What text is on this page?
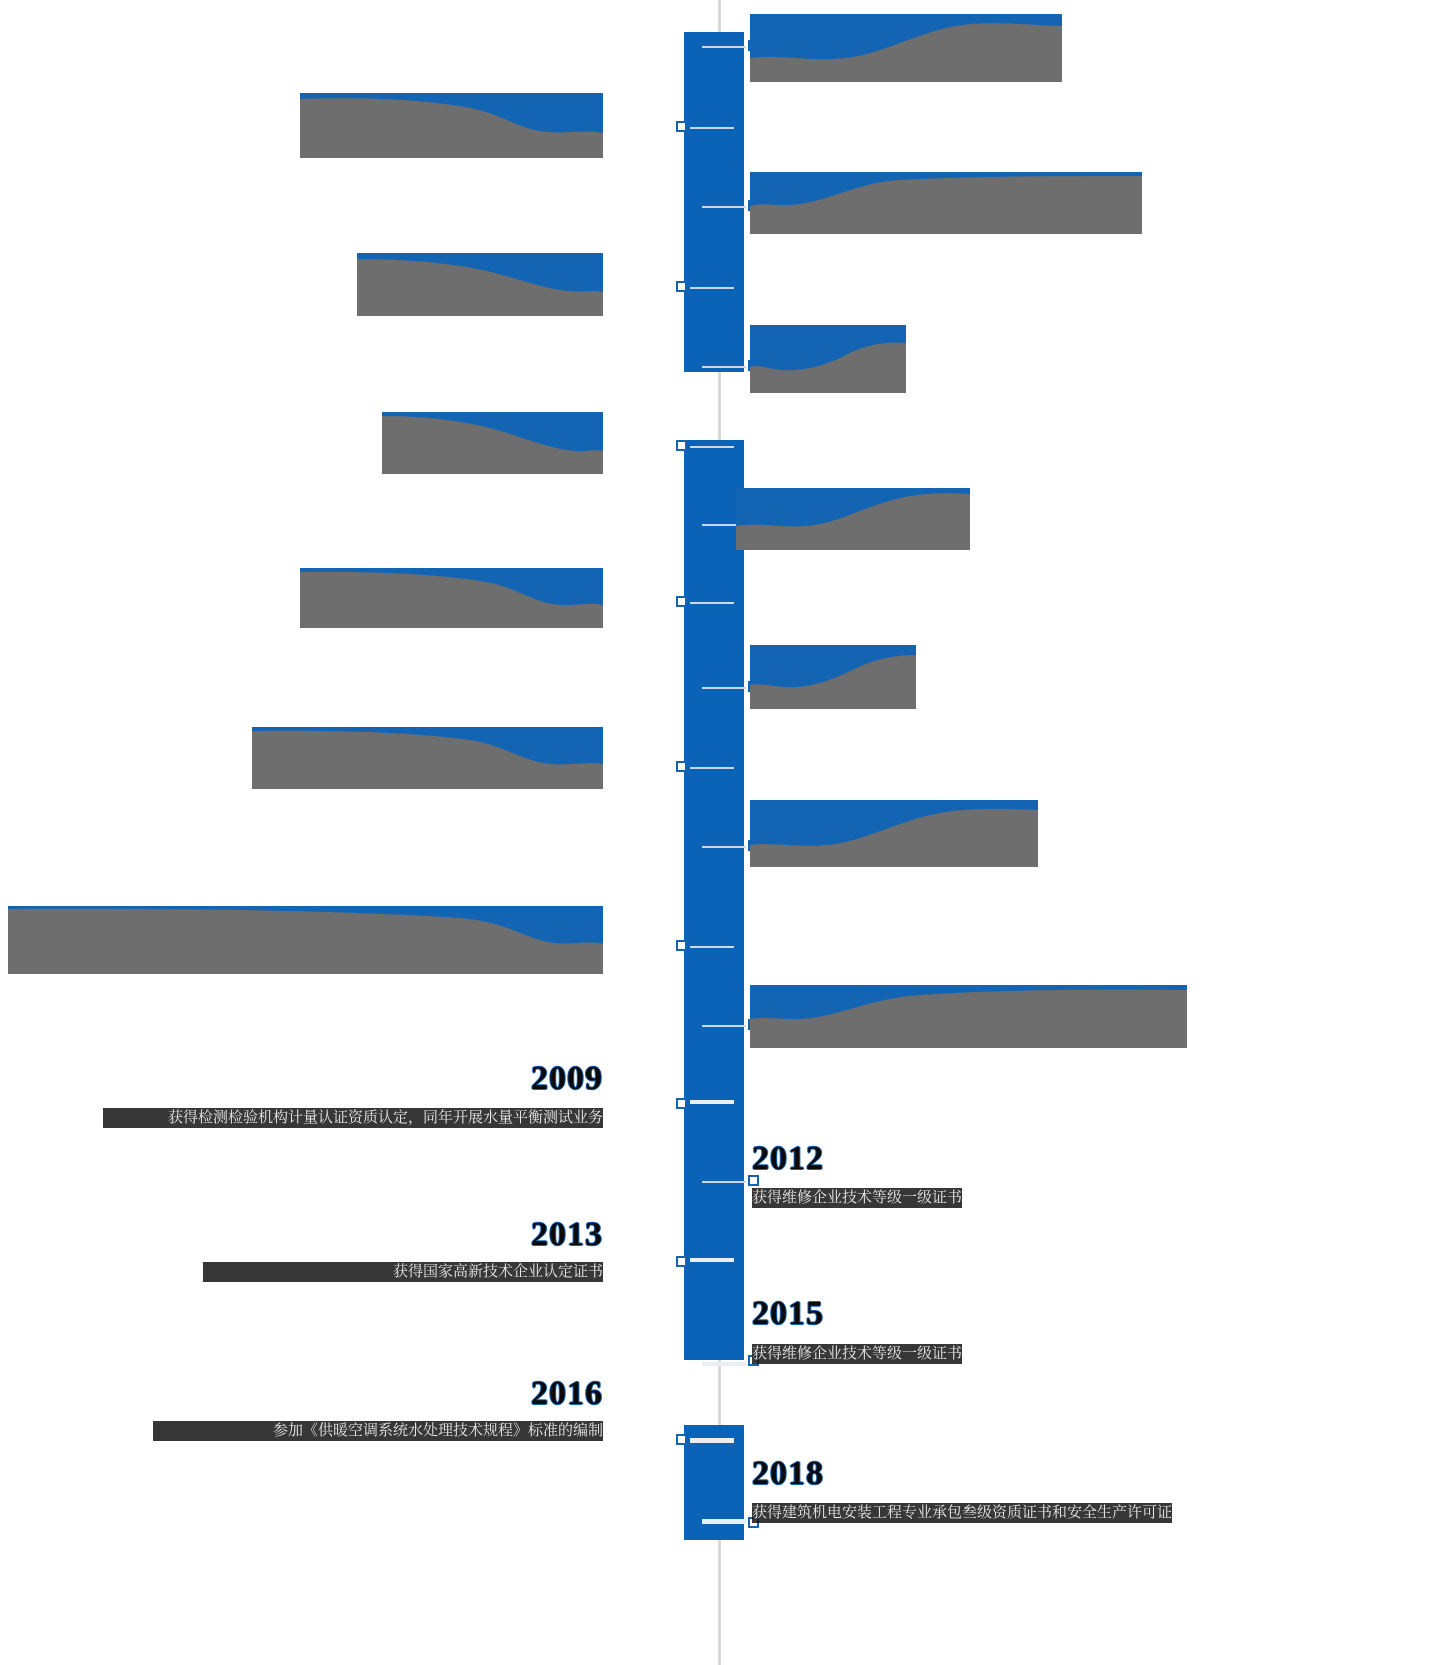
2009
获得检测检验机构计量认证资质认定，同年开展水量平衡测试业务
2012
获得维修企业技术等级一级证书
2013
获得国家高新技术企业认定证书
2015
获得维修企业技术等级一级证书
2016
参加《供暖空调系统水处理技术规程》标准的编制
2018
获得建筑机电安装工程专业承包叁级资质证书和安全生产许可证
